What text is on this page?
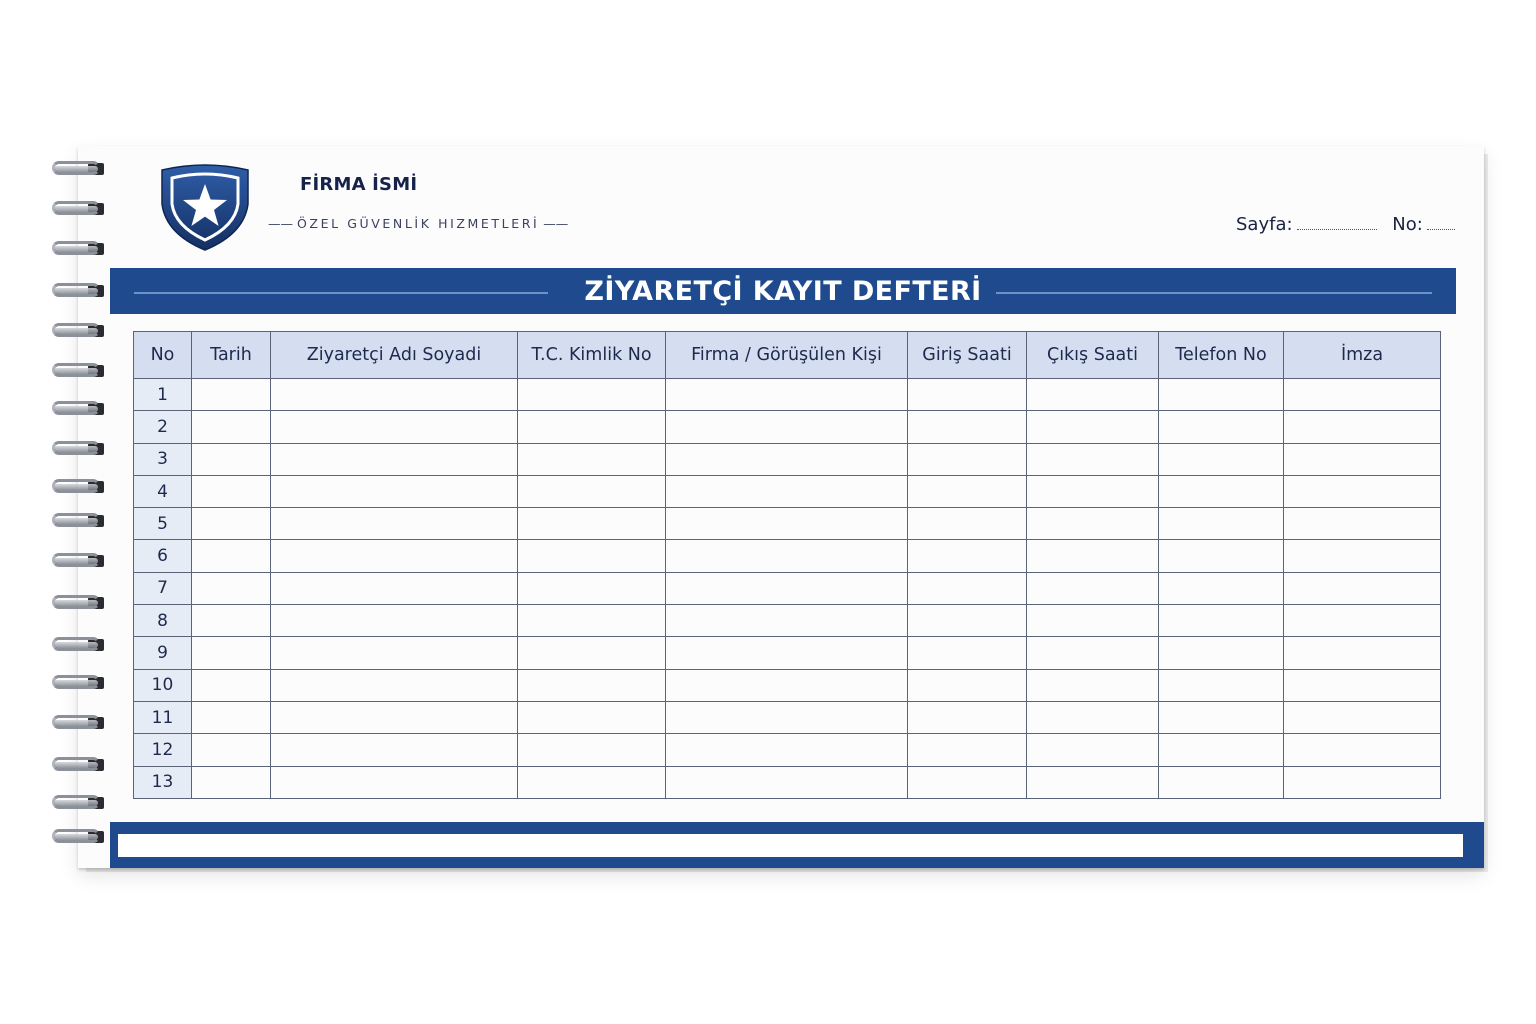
FİRMA İSMİ
—— ÖZEL GÜVENLİK HIZMETLERİ ——	Sayfa:	No:
ZİYARETÇİ KAYIT DEFTERİ
No	Tarih	Ziyaretçi Adı Soyadi	T.C. Kimlik No	Firma / Görüşülen Kişi	Giriş Saati	Çıkış Saati	Telefon No	İmza
1								
2								
3								
4								
5								
6								
7								
8								
9								
10								
11								
12								
13								
